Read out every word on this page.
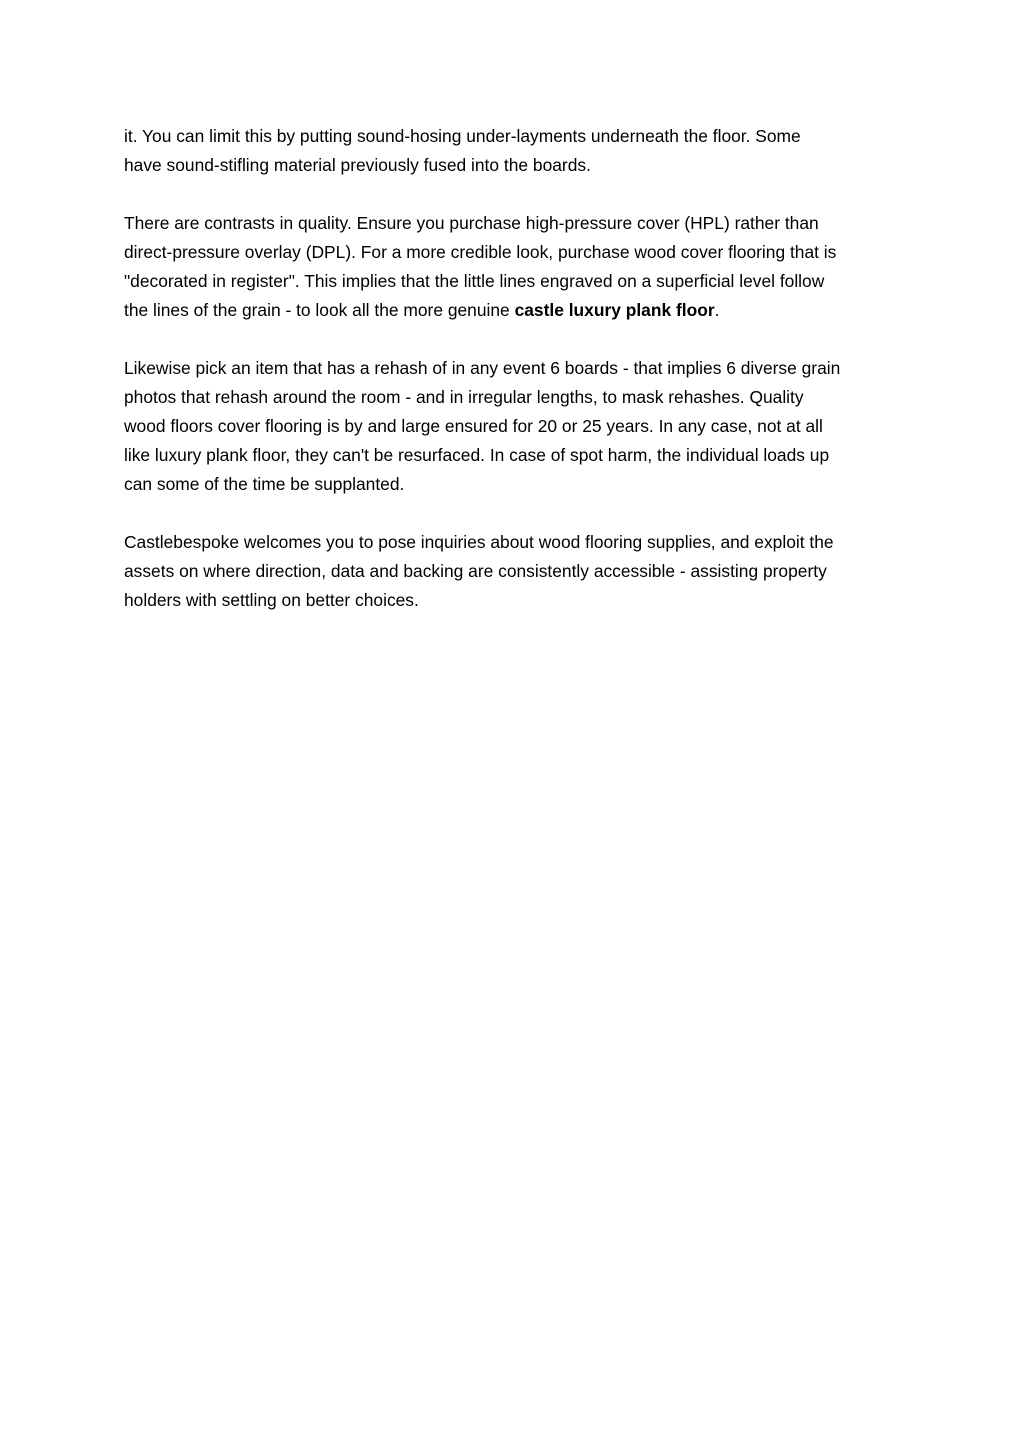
it. You can limit this by putting sound-hosing under-layments underneath the floor. Some
have sound-stifling material previously fused into the boards.

There are contrasts in quality. Ensure you purchase high-pressure cover (HPL) rather than
direct-pressure overlay (DPL). For a more credible look, purchase wood cover flooring that is
"decorated in register". This implies that the little lines engraved on a superficial level follow
the lines of the grain - to look all the more genuine castle luxury plank floor.

Likewise pick an item that has a rehash of in any event 6 boards - that implies 6 diverse grain
photos that rehash around the room - and in irregular lengths, to mask rehashes. Quality
wood floors cover flooring is by and large ensured for 20 or 25 years. In any case, not at all
like luxury plank floor, they can't be resurfaced. In case of spot harm, the individual loads up
can some of the time be supplanted.

Castlebespoke welcomes you to pose inquiries about wood flooring supplies, and exploit the
assets on where direction, data and backing are consistently accessible - assisting property
holders with settling on better choices.
